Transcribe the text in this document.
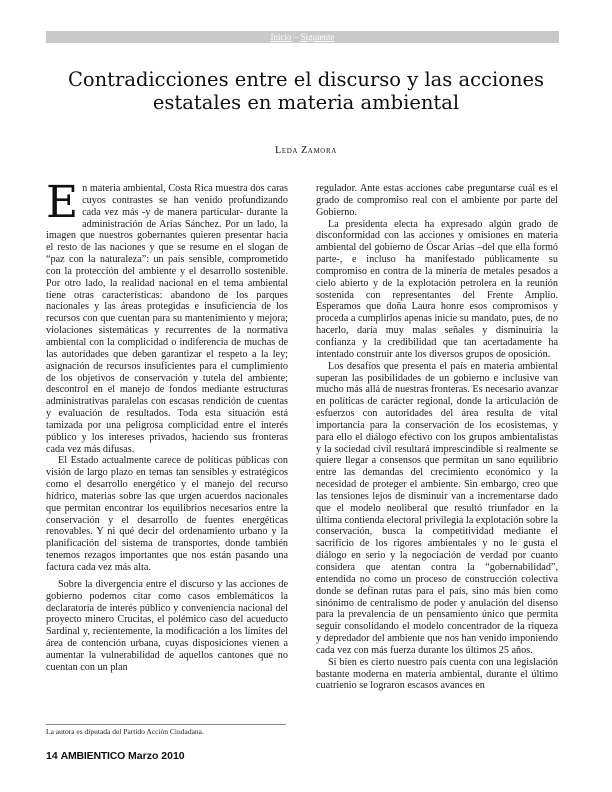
Inicio – Siguiente
Contradicciones entre el discurso y las acciones
estatales en materia ambiental
Leda Zamora

En materia ambiental, Costa Rica muestra dos caras cuyos contrastes se han venido profundizando cada vez más -y de manera particular- durante la administración de Arias Sánchez. Por un lado, la imagen que nuestros gobernantes quieren presentar hacia el resto de las naciones y que se resume en el slogan de “paz con la naturaleza”: un país sensible, comprometido con la protección del ambiente y el desarrollo sostenible. Por otro lado, la realidad nacional en el tema ambiental tiene otras características: abandono de los parques nacionales y las áreas protegidas e insuficiencia de los recursos con que cuentan para su mantenimiento y mejora; violaciones sistemáticas y recurrentes de la normativa ambiental con la complicidad o indiferencia de muchas de las autoridades que deben garantizar el respeto a la ley; asignación de recursos insuficientes para el cumplimiento de los objetivos de conservación y tutela del ambiente; descontrol en el manejo de fondos mediante estructuras administrativas paralelas con escasas rendición de cuentas y evaluación de resultados. Toda esta situación está tamizada por una peligrosa complicidad entre el interés público y los intereses privados, haciendo sus fronteras cada vez más difusas.

El Estado actualmente carece de políticas públicas con visión de largo plazo en temas tan sensibles y estratégicos como el desarrollo energético y el manejo del recurso hídrico, materias sobre las que urgen acuerdos nacionales que permitan encontrar los equilibrios necesarios entre la conservación y el desarrollo de fuentes energéticas renovables. Y ni qué decir del ordenamiento urbano y la planificación del sistema de transportes, donde también tenemos rezagos importantes que nos están pasando una factura cada vez más alta.

Sobre la divergencia entre el discurso y las acciones de gobierno podemos citar como casos emblemáticos la declaratoria de interés público y conveniencia nacional del proyecto minero Crucitas, el polémico caso del acueducto Sardinal y, recientemente, la modificación a los límites del área de contención urbana, cuyas disposiciones vienen a aumentar la vulnerabilidad de aquellos cantones que no cuentan con un plan

regulador. Ante estas acciones cabe preguntarse cuál es el grado de compromiso real con el ambiente por parte del Gobierno.

La presidenta electa ha expresado algún grado de disconformidad con las acciones y omisiones en materia ambiental del gobierno de Óscar Arias –del que ella formó parte-, e incluso ha manifestado públicamente su compromiso en contra de la minería de metales pesados a cielo abierto y de la explotación petrolera en la reunión sostenida con representantes del Frente Amplio. Esperamos que doña Laura honre esos compromisos y proceda a cumplirlos apenas inicie su mandato, pues, de no hacerlo, daría muy malas señales y disminuiría la confianza y la credibilidad que tan acertadamente ha intentado construir ante los diversos grupos de oposición.

Los desafíos que presenta el país en materia ambiental superan las posibilidades de un gobierno e inclusive van mucho más allá de nuestras fronteras. Es necesario avanzar en políticas de carácter regional, donde la articulación de esfuerzos con autoridades del área resulta de vital importancia para la conservación de los ecosistemas, y para ello el diálogo efectivo con los grupos ambientalistas y la sociedad civil resultará imprescindible si realmente se quiere llegar a consensos que permitan un sano equilibrio entre las demandas del crecimiento económico y la necesidad de proteger el ambiente. Sin embargo, creo que las tensiones lejos de disminuir van a incrementarse dado que el modelo neoliberal que resultó triunfador en la última contienda electoral privilegia la explotación sobre la conservación, busca la competitividad mediante el sacrificio de los rigores ambientales y no le gusta el diálogo en serio y la negociación de verdad por cuanto considera que atentan contra la “gobernabilidad”, entendida no como un proceso de construcción colectiva donde se definan rutas para el país, sino más bien como sinónimo de centralismo de poder y anulación del disenso para la prevalencia de un pensamiento único que permita seguir consolidando el modelo concentrador de la riqueza y depredador del ambiente que nos han venido imponiendo cada vez con más fuerza durante los últimos 25 años.

Si bien es cierto nuestro país cuenta con una legislación bastante moderna en materia ambiental, durante el último cuatrienio se lograron escasos avances en

La autora es diputada del Partido Acción Ciudadana.
14 AMBIENTICO Marzo 2010
